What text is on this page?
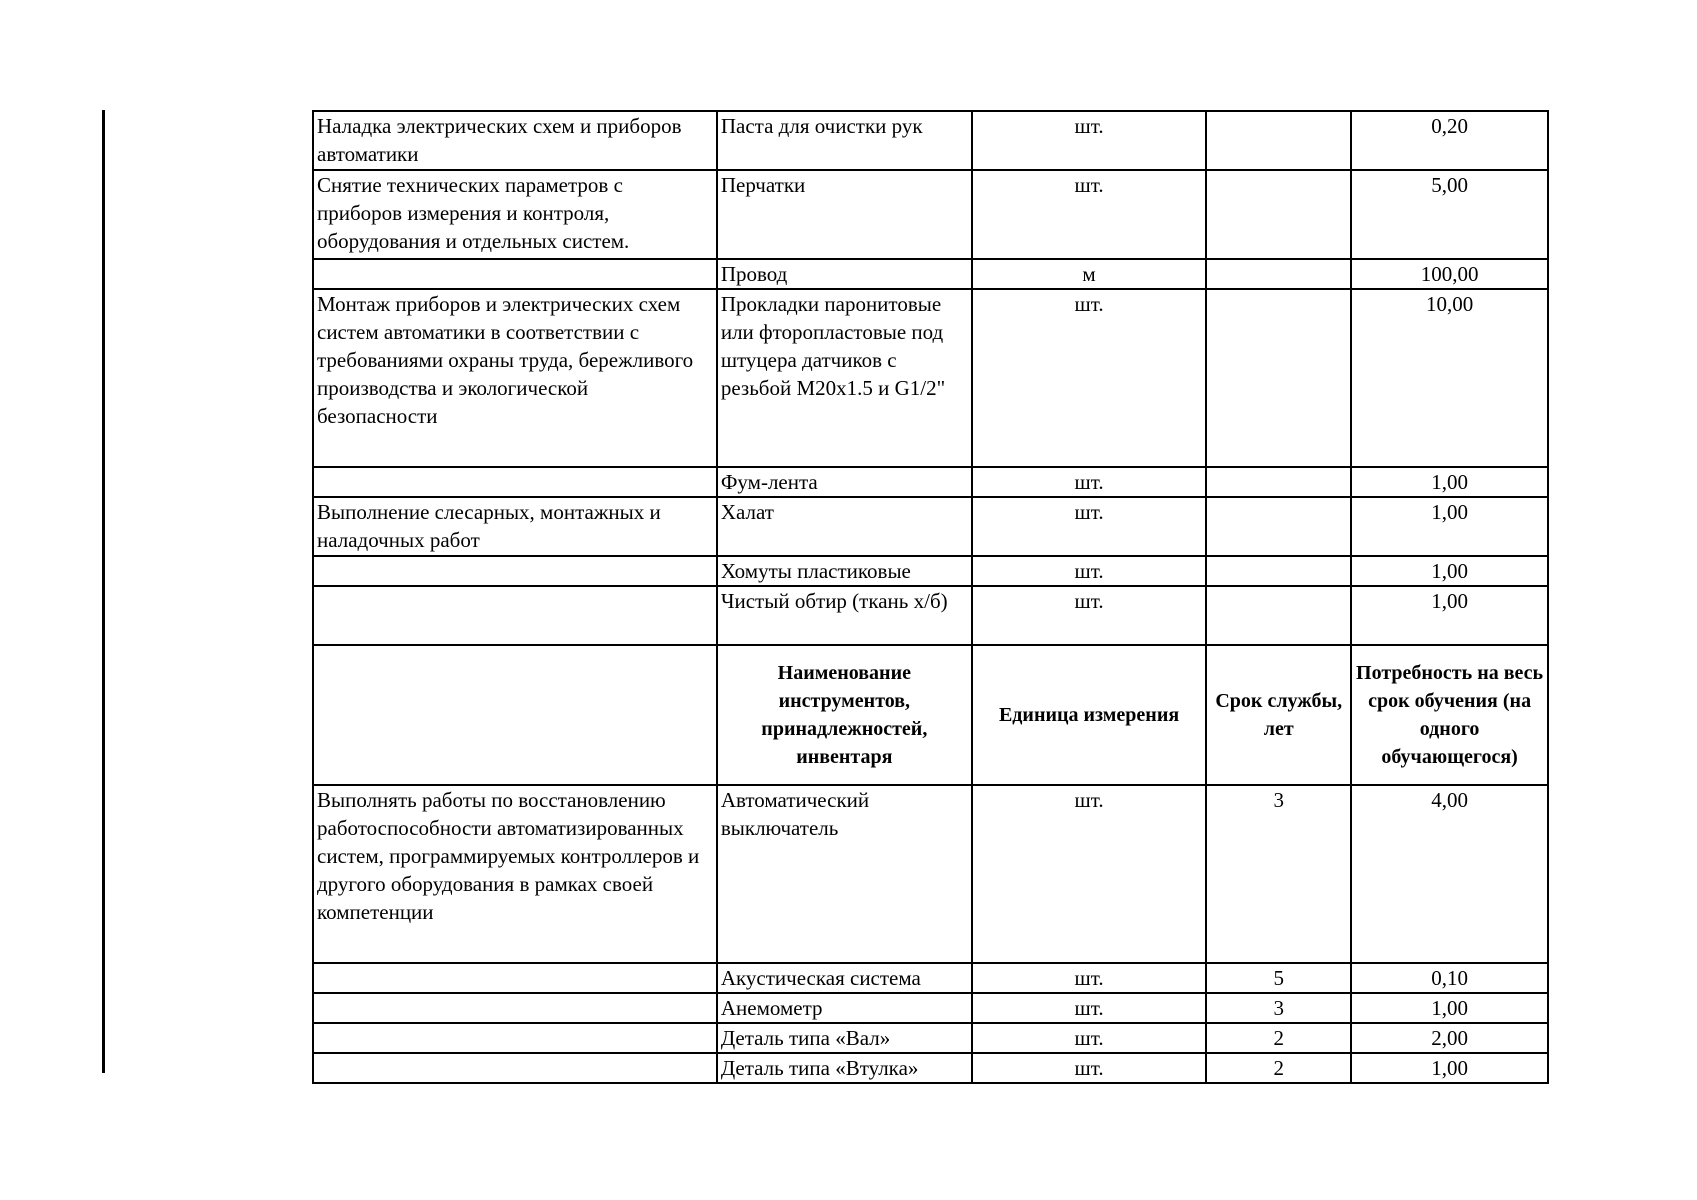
Наладка электрических схем и приборов автоматики	Паста для очистки рук	шт.		0,20
Снятие технических параметров с приборов измерения и контроля, оборудования и отдельных систем.	Перчатки	шт.		5,00
	Провод	м		100,00
Монтаж приборов и электрических схем систем автоматики в соответствии с требованиями охраны труда, бережливого производства и экологической безопасности	Прокладки паронитовые или фторопластовые под штуцера датчиков с резьбой M20х1.5 и G1/2"	шт.		10,00
	Фум-лента	шт.		1,00
Выполнение слесарных, монтажных и наладочных работ	Халат	шт.		1,00
	Хомуты пластиковые	шт.		1,00
	Чистый обтир (ткань х/б)	шт.		1,00
	Наименование инструментов, принадлежностей, инвентаря	Единица измерения	Срок службы, лет	Потребность на весь срок обучения (на одного обучающегося)
Выполнять работы по восстановлению работоспособности автоматизированных систем, программируемых контроллеров и другого оборудования в рамках своей компетенции	Автоматический выключатель	шт.	3	4,00
	Акустическая система	шт.	5	0,10
	Анемометр	шт.	3	1,00
	Деталь типа «Вал»	шт.	2	2,00
	Деталь типа «Втулка»	шт.	2	1,00
